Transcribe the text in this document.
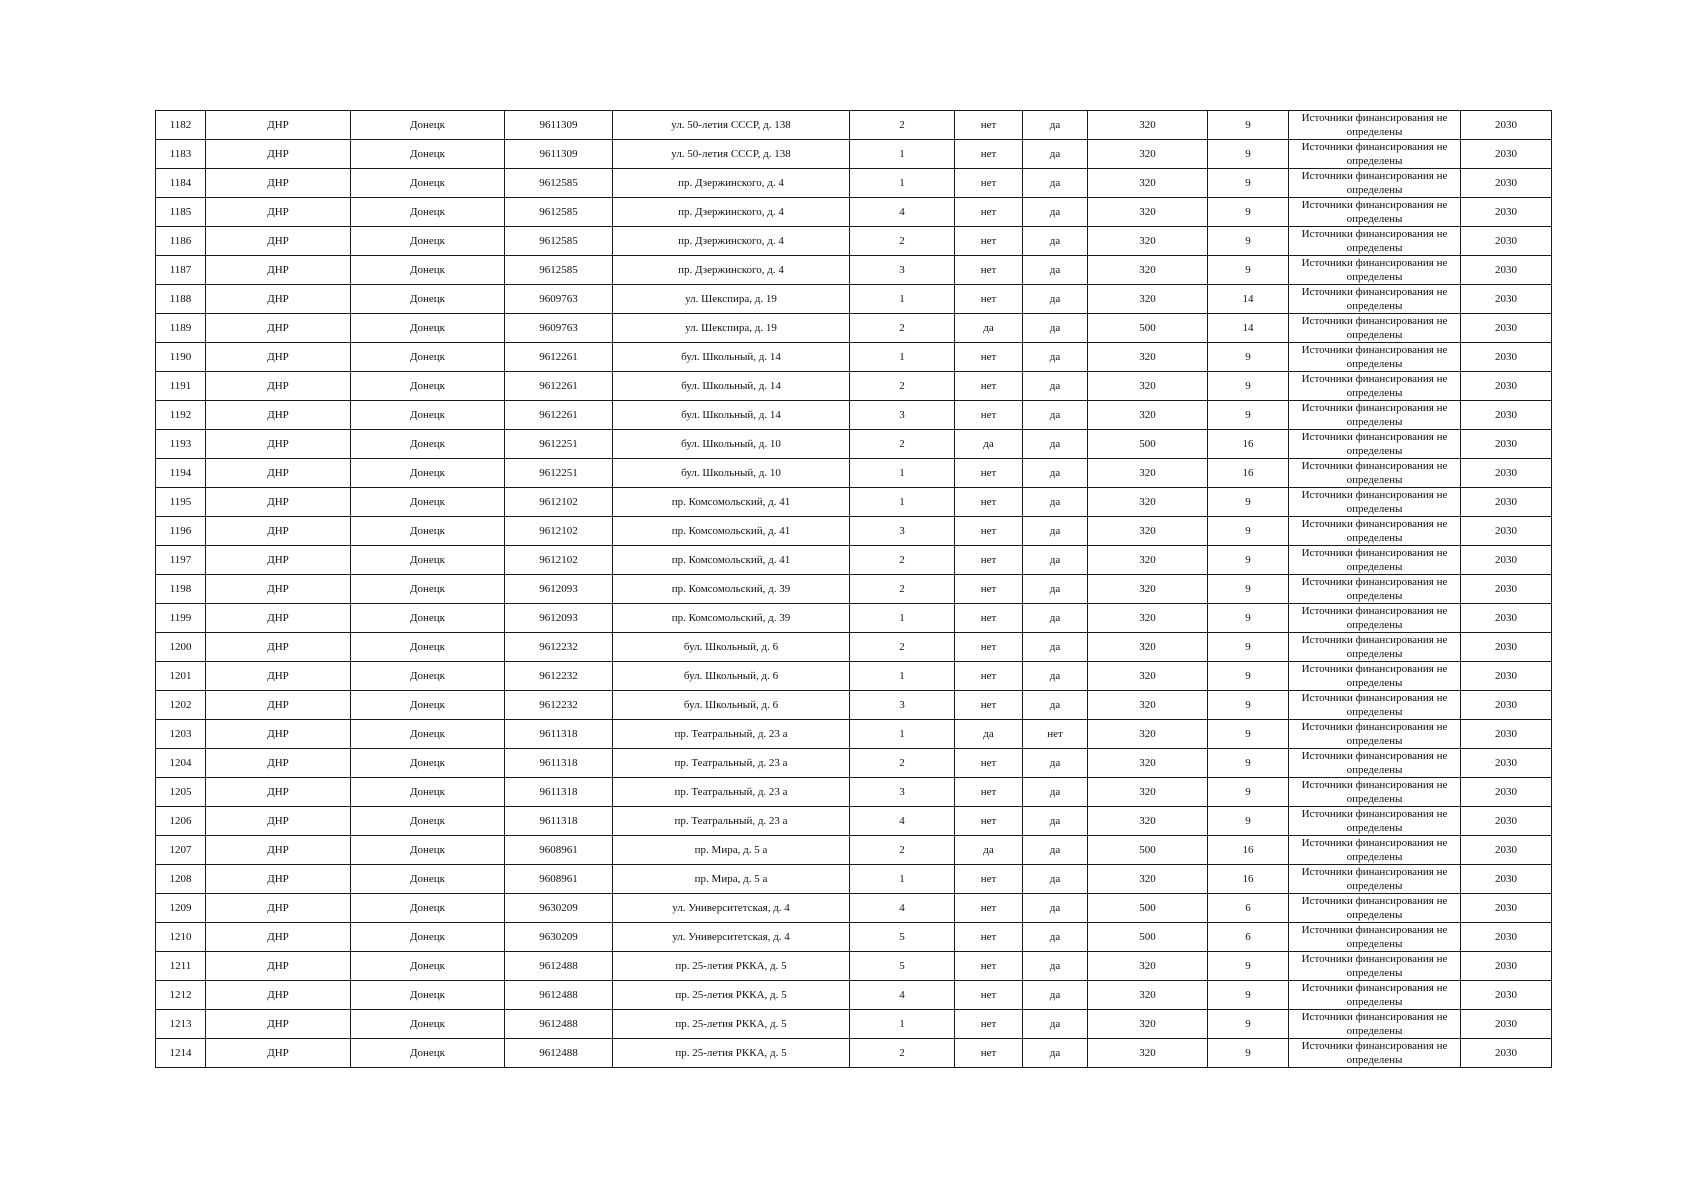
1182	ДНР	Донецк	9611309	ул. 50-летия СССР, д. 138	2	нет	да	320	9	Источники финансирования не определены	2030
1183	ДНР	Донецк	9611309	ул. 50-летия СССР, д. 138	1	нет	да	320	9	Источники финансирования не определены	2030
1184	ДНР	Донецк	9612585	пр. Дзержинского, д. 4	1	нет	да	320	9	Источники финансирования не определены	2030
1185	ДНР	Донецк	9612585	пр. Дзержинского, д. 4	4	нет	да	320	9	Источники финансирования не определены	2030
1186	ДНР	Донецк	9612585	пр. Дзержинского, д. 4	2	нет	да	320	9	Источники финансирования не определены	2030
1187	ДНР	Донецк	9612585	пр. Дзержинского, д. 4	3	нет	да	320	9	Источники финансирования не определены	2030
1188	ДНР	Донецк	9609763	ул. Шекспира, д. 19	1	нет	да	320	14	Источники финансирования не определены	2030
1189	ДНР	Донецк	9609763	ул. Шекспира, д. 19	2	да	да	500	14	Источники финансирования не определены	2030
1190	ДНР	Донецк	9612261	бул. Школьный, д. 14	1	нет	да	320	9	Источники финансирования не определены	2030
1191	ДНР	Донецк	9612261	бул. Школьный, д. 14	2	нет	да	320	9	Источники финансирования не определены	2030
1192	ДНР	Донецк	9612261	бул. Школьный, д. 14	3	нет	да	320	9	Источники финансирования не определены	2030
1193	ДНР	Донецк	9612251	бул. Школьный, д. 10	2	да	да	500	16	Источники финансирования не определены	2030
1194	ДНР	Донецк	9612251	бул. Школьный, д. 10	1	нет	да	320	16	Источники финансирования не определены	2030
1195	ДНР	Донецк	9612102	пр. Комсомольский, д. 41	1	нет	да	320	9	Источники финансирования не определены	2030
1196	ДНР	Донецк	9612102	пр. Комсомольский, д. 41	3	нет	да	320	9	Источники финансирования не определены	2030
1197	ДНР	Донецк	9612102	пр. Комсомольский, д. 41	2	нет	да	320	9	Источники финансирования не определены	2030
1198	ДНР	Донецк	9612093	пр. Комсомольский, д. 39	2	нет	да	320	9	Источники финансирования не определены	2030
1199	ДНР	Донецк	9612093	пр. Комсомольский, д. 39	1	нет	да	320	9	Источники финансирования не определены	2030
1200	ДНР	Донецк	9612232	бул. Школьный, д. 6	2	нет	да	320	9	Источники финансирования не определены	2030
1201	ДНР	Донецк	9612232	бул. Школьный, д. 6	1	нет	да	320	9	Источники финансирования не определены	2030
1202	ДНР	Донецк	9612232	бул. Школьный, д. 6	3	нет	да	320	9	Источники финансирования не определены	2030
1203	ДНР	Донецк	9611318	пр. Театральный, д. 23 а	1	да	нет	320	9	Источники финансирования не определены	2030
1204	ДНР	Донецк	9611318	пр. Театральный, д. 23 а	2	нет	да	320	9	Источники финансирования не определены	2030
1205	ДНР	Донецк	9611318	пр. Театральный, д. 23 а	3	нет	да	320	9	Источники финансирования не определены	2030
1206	ДНР	Донецк	9611318	пр. Театральный, д. 23 а	4	нет	да	320	9	Источники финансирования не определены	2030
1207	ДНР	Донецк	9608961	пр. Мира, д. 5 а	2	да	да	500	16	Источники финансирования не определены	2030
1208	ДНР	Донецк	9608961	пр. Мира, д. 5 а	1	нет	да	320	16	Источники финансирования не определены	2030
1209	ДНР	Донецк	9630209	ул. Университетская, д. 4	4	нет	да	500	6	Источники финансирования не определены	2030
1210	ДНР	Донецк	9630209	ул. Университетская, д. 4	5	нет	да	500	6	Источники финансирования не определены	2030
1211	ДНР	Донецк	9612488	пр. 25-летия РККА, д. 5	5	нет	да	320	9	Источники финансирования не определены	2030
1212	ДНР	Донецк	9612488	пр. 25-летия РККА, д. 5	4	нет	да	320	9	Источники финансирования не определены	2030
1213	ДНР	Донецк	9612488	пр. 25-летия РККА, д. 5	1	нет	да	320	9	Источники финансирования не определены	2030
1214	ДНР	Донецк	9612488	пр. 25-летия РККА, д. 5	2	нет	да	320	9	Источники финансирования не определены	2030
